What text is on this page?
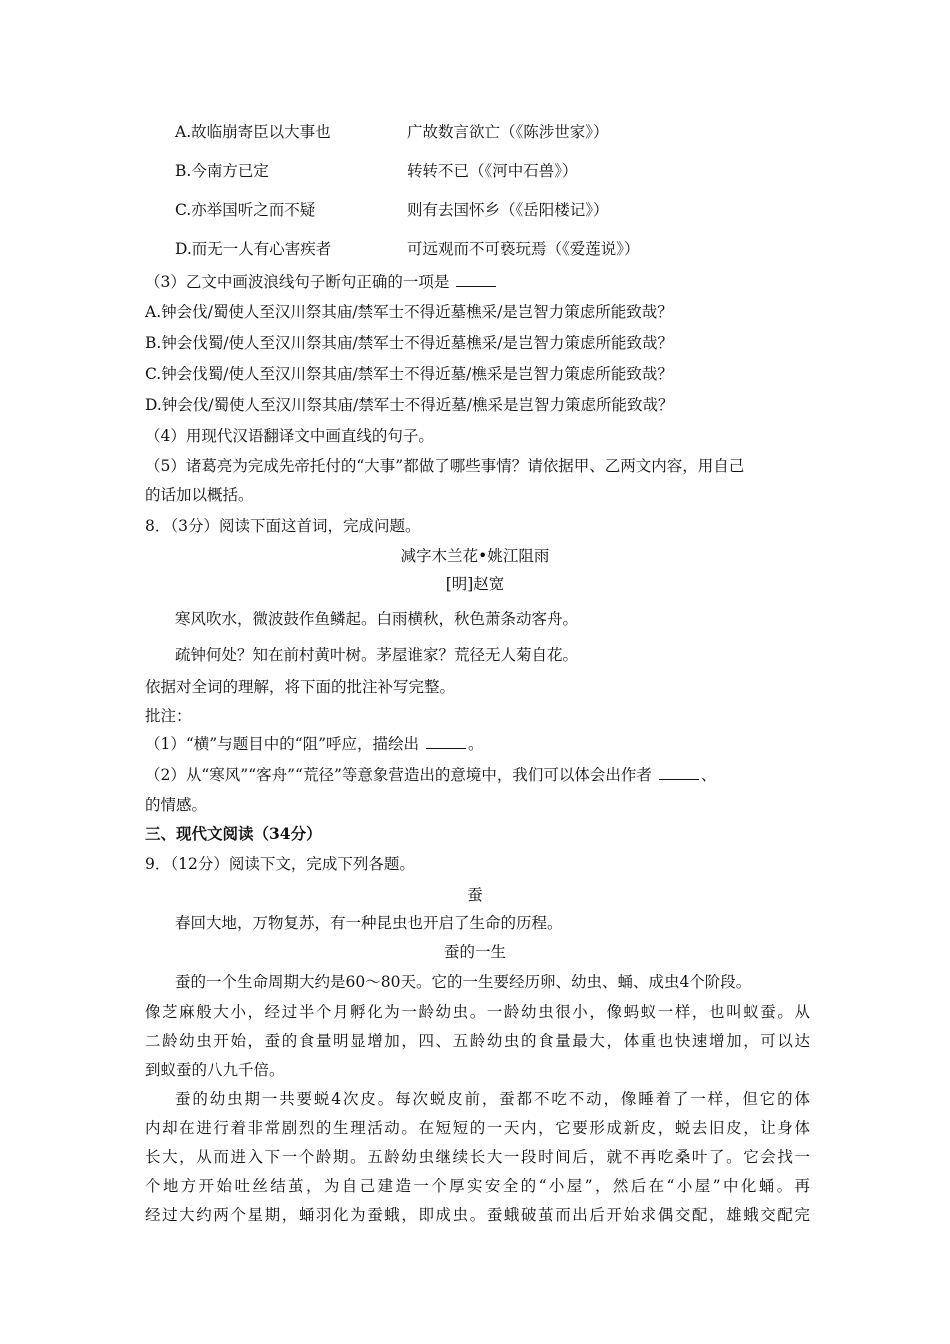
A.故临崩寄臣以大事也	广故数言欲亡（《陈涉世家》）
B.今南方已定	转转不已（《河中石兽》）
C.亦举国听之而不疑	则有去国怀乡（《岳阳楼记》）
D.而无一人有心害疾者	可远观而不可亵玩焉（《爱莲说》）
（3）乙文中画波浪线句子断句正确的一项是
A.钟会伐/蜀使人至汉川祭其庙/禁军士不得近墓樵采/是岂智力策虑所能致哉？
B.钟会伐蜀/使人至汉川祭其庙/禁军士不得近墓樵采/是岂智力策虑所能致哉？
C.钟会伐蜀/使人至汉川祭其庙/禁军士不得近墓/樵采是岂智力策虑所能致哉？
D.钟会伐/蜀使人至汉川祭其庙/禁军士不得近墓/樵采是岂智力策虑所能致哉？
（4）用现代汉语翻译文中画直线的句子。
（5）诸葛亮为完成先帝托付的“大事”都做了哪些事情？请依据甲、乙两文内容，用自己
的话加以概括。
8．（3分）阅读下面这首词，完成问题。
减字木兰花•姚江阻雨
[明]赵宽
寒风吹水，微波鼓作鱼鳞起。白雨横秋，秋色萧条动客舟。
疏钟何处？知在前村黄叶树。茅屋谁家？荒径无人菊自花。
依据对全词的理解，将下面的批注补写完整。
批注：
（1）“横”与题目中的“阻”呼应，描绘出	。
（2）从“寒风”“客舟”“荒径”等意象营造出的意境中，我们可以体会出作者	、
的情感。
三、现代文阅读（34分）
9．（12分）阅读下文，完成下列各题。
蚕
春回大地，万物复苏，有一种昆虫也开启了生命的历程。
蚕的一生
蚕的一个生命周期大约是60～80天。它的一生要经历卵、幼虫、蛹、成虫4个阶段。
像芝麻般大小，经过半个月孵化为一龄幼虫。一龄幼虫很小，像蚂蚁一样，也叫蚁蚕。从
二龄幼虫开始，蚕的食量明显增加，四、五龄幼虫的食量最大，体重也快速增加，可以达
到蚁蚕的八九千倍。
蚕的幼虫期一共要蜕4次皮。每次蜕皮前，蚕都不吃不动，像睡着了一样，但它的体
内却在进行着非常剧烈的生理活动。在短短的一天内，它要形成新皮，蜕去旧皮，让身体
长大，从而进入下一个龄期。五龄幼虫继续长大一段时间后，就不再吃桑叶了。它会找一
个地方开始吐丝结茧，为自己建造一个厚实安全的“小屋”，然后在“小屋”中化蛹。再
经过大约两个星期，蛹羽化为蚕蛾，即成虫。蚕蛾破茧而出后开始求偶交配，雄蛾交配完
